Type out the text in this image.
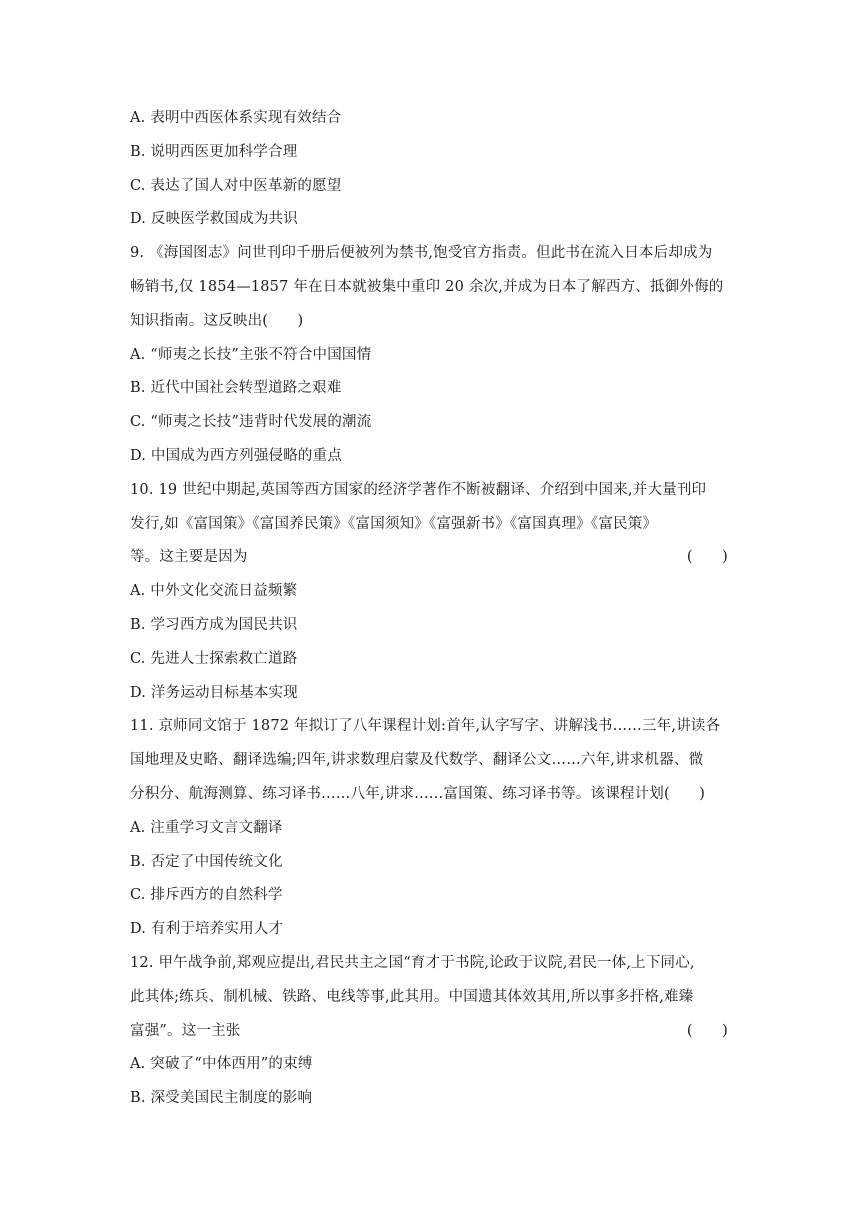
A. 表明中西医体系实现有效结合
B. 说明西医更加科学合理
C. 表达了国人对中医革新的愿望
D. 反映医学救国成为共识
9. 《海国图志》问世刊印千册后便被列为禁书,饱受官方指责。但此书在流入日本后却成为
畅销书,仅 1854—1857 年在日本就被集中重印 20 余次,并成为日本了解西方、抵御外侮的
知识指南。这反映出(　　)
A. “师夷之长技”主张不符合中国国情
B. 近代中国社会转型道路之艰难
C. “师夷之长技”违背时代发展的潮流
D. 中国成为西方列强侵略的重点
10. 19 世纪中期起,英国等西方国家的经济学著作不断被翻译、介绍到中国来,并大量刊印
发行,如《富国策》《富国养民策》《富国须知》《富强新书》《富国真理》《富民策》
等。这主要是因为	(　　)
A. 中外文化交流日益频繁
B. 学习西方成为国民共识
C. 先进人士探索救亡道路
D. 洋务运动目标基本实现
11. 京师同文馆于 1872 年拟订了八年课程计划:首年,认字写字、讲解浅书……三年,讲读各
国地理及史略、翻译选编;四年,讲求数理启蒙及代数学、翻译公文……六年,讲求机器、微
分积分、航海测算、练习译书……八年,讲求……富国策、练习译书等。该课程计划(　　)
A. 注重学习文言文翻译
B. 否定了中国传统文化
C. 排斥西方的自然科学
D. 有利于培养实用人才
12. 甲午战争前,郑观应提出,君民共主之国“育才于书院,论政于议院,君民一体,上下同心,
此其体;练兵、制机械、铁路、电线等事,此其用。中国遗其体效其用,所以事多扞格,难臻
富强”。这一主张	(　　)
A. 突破了“中体西用”的束缚
B. 深受美国民主制度的影响
